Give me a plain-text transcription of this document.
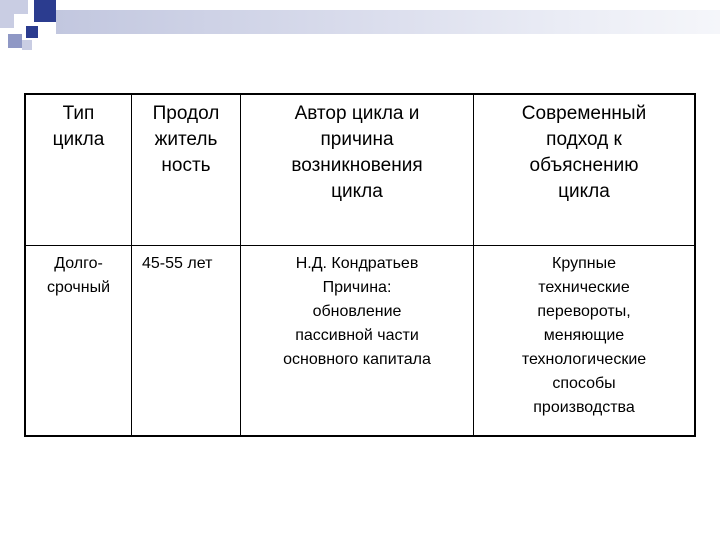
Тип
цикла
Продол
житель
ность
Автор цикла и
причина
возникновения
цикла
Современный
подход к
объяснению
цикла
Долго-
срочный
45-55 лет	Н.Д. Кондратьев
Причина:
обновление
пассивной части
основного капитала
Крупные
технические
перевороты,
меняющие
технологические
способы
производства
